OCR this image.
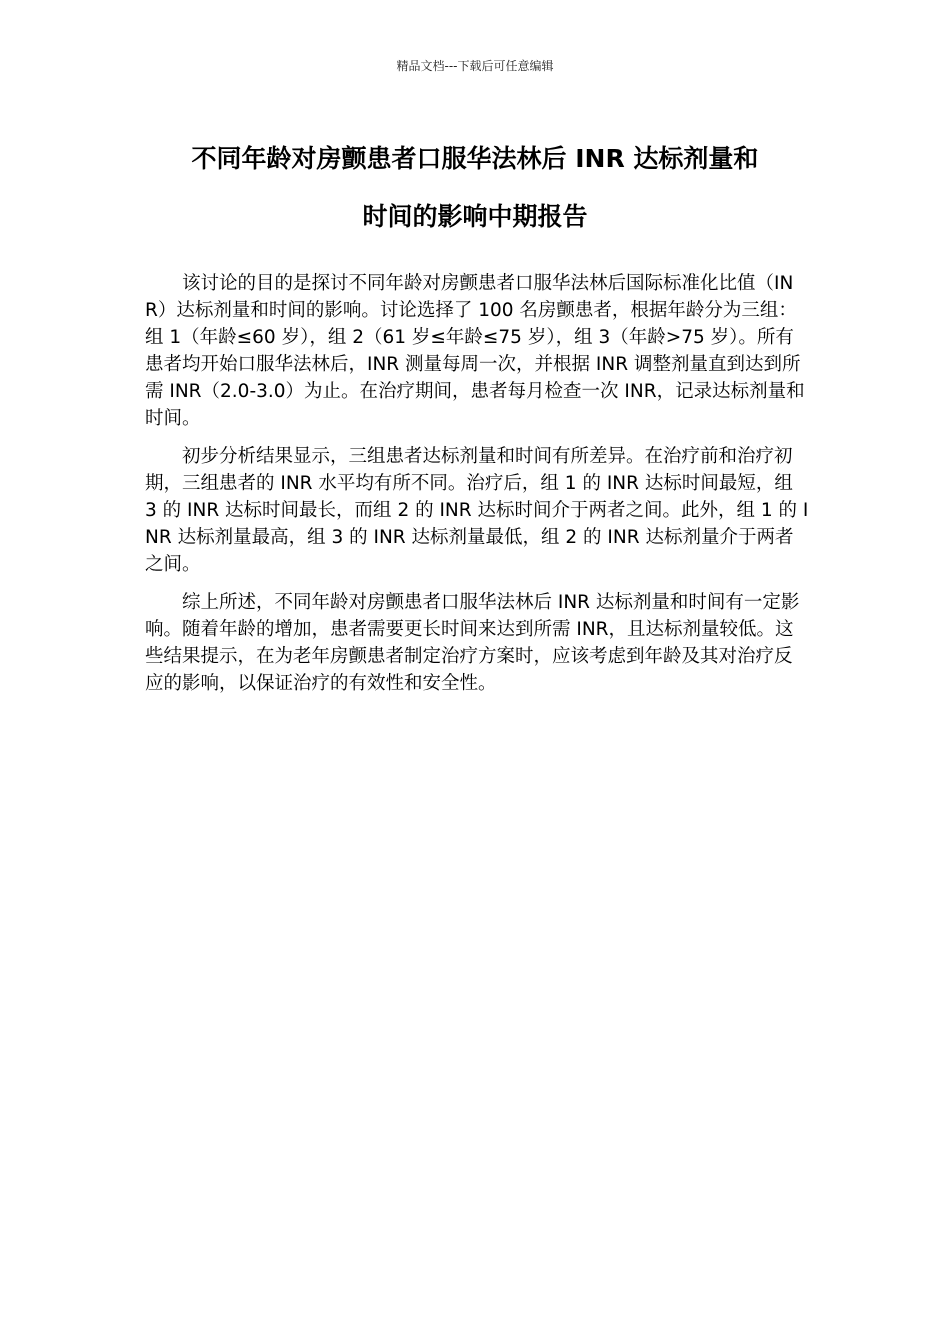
精品文档---下载后可任意编辑
不同年龄对房颤患者口服华法林后 INR 达标剂量和
时间的影响中期报告

该讨论的目的是探讨不同年龄对房颤患者口服华法林后国际标准化比值（INR）达标剂量和时间的影响。讨论选择了 100 名房颤患者，根据年龄分为三组：组 1（年龄≤60 岁），组 2（61 岁≤年龄≤75 岁），组 3（年龄>75 岁）。所有患者均开始口服华法林后，INR 测量每周一次，并根据 INR 调整剂量直到达到所需 INR（2.0-3.0）为止。在治疗期间，患者每月检查一次 INR，记录达标剂量和时间。

初步分析结果显示，三组患者达标剂量和时间有所差异。在治疗前和治疗初期，三组患者的 INR 水平均有所不同。治疗后，组 1 的 INR 达标时间最短，组 3 的 INR 达标时间最长，而组 2 的 INR 达标时间介于两者之间。此外，组 1 的 INR 达标剂量最高，组 3 的 INR 达标剂量最低，组 2 的 INR 达标剂量介于两者之间。

综上所述，不同年龄对房颤患者口服华法林后 INR 达标剂量和时间有一定影响。随着年龄的增加，患者需要更长时间来达到所需 INR，且达标剂量较低。这些结果提示，在为老年房颤患者制定治疗方案时，应该考虑到年龄及其对治疗反应的影响，以保证治疗的有效性和安全性。
